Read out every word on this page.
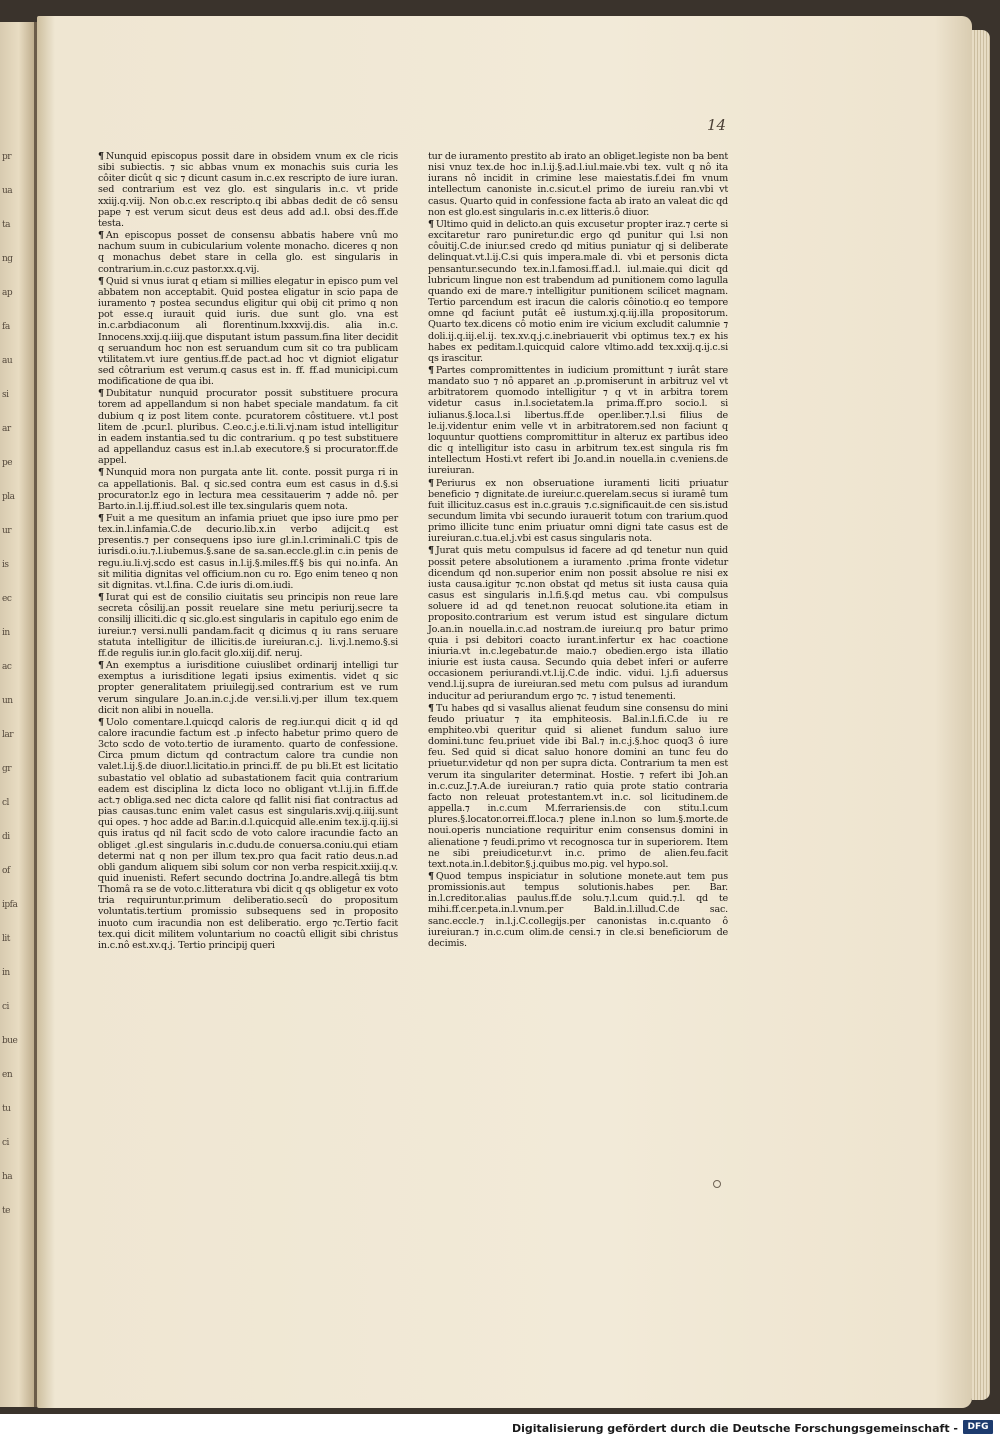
pr
ua
ta
ng
ap
fa
au
si
ar
pe
pla
ur
is
ec
in
ac
un
lar
gr
cl
di
of
ipfa
lit
in
ci
bue
en
tu
ci
ha
te
14

¶ Nunquid episcopus possit dare in obsidem vnum ex cle ricis sibi subiectis. ⁊ sic abbas vnum ex monachis suis curia les côiter dicût q sic ⁊ dicunt casum in.c.ex rescripto de iure iuran. sed contrarium est vez glo. est singularis in.c. vt pride xxiij.q.viij. Non ob.c.ex rescripto.q ibi abbas dedit de cô sensu pape ⁊ est verum sicut deus est deus add ad.l. obsi des.ff.de testa.

¶ An episcopus posset de consensu abbatis habere vnû mo nachum suum in cubicularium volente monacho. diceres q non q monachus debet stare in cella glo. est singularis in contrarium.in.c.cuz pastor.xx.q.vij.

¶ Quid si vnus iurat q etiam si millies elegatur in episco pum vel abbatem non acceptabit. Quid postea eligatur in scio papa de iuramento ⁊ postea secundus eligitur qui obij cit primo q non pot esse.q iurauit quid iuris. due sunt glo. vna est in.c.arbdiaconum ali florentinum.lxxxvij.dis. alia in.c. Innocens.xxij.q.iiij.que disputant istum passum.fina liter decidit q seruandum hoc non est seruandum cum sit co tra publicam vtilitatem.vt iure gentius.ff.de pact.ad hoc vt digniot eligatur sed côtrarium est verum.q casus est in. ff. ff.ad municipi.cum modificatione de qua ibi.

¶ Dubitatur nunquid procurator possit substituere procura torem ad appellandum si non habet speciale mandatum. fa cit dubium q iz post litem conte. pcuratorem côstituere. vt.l post litem de .pcur.l. pluribus. C.eo.c.j.e.ti.li.vj.nam istud intelligitur in eadem instantia.sed tu dic contrarium. q po test substituere ad appellanduz casus est in.l.ab executore.§ si procurator.ff.de appel.

¶ Nunquid mora non purgata ante lit. conte. possit purga ri in ca appellationis. Bal. q sic.sed contra eum est casus in d.§.si procurator.lz ego in lectura mea cessitauerim ⁊ adde nô. per Barto.in.l.ij.ff.iud.sol.est ille tex.singularis quem nota.

¶ Fuit a me quesitum an infamia priuet que ipso iure pmo per tex.in.l.infamia.C.de decurio.lib.x.in verbo adijcit.q est presentis.⁊ per consequens ipso iure gl.in.l.criminali.C tpis de iurisdi.o.iu.⁊.l.iubemus.§.sane de sa.san.eccle.gl.in c.in penis de regu.iu.li.vj.scdo est casus in.l.ij.§.miles.ff.§ bis qui no.infa. An sit militia dignitas vel officium.non cu ro. Ego enim teneo q non sit dignitas. vt.l.fina. C.de iuris di.om.iudi.

¶ Iurat qui est de consilio ciuitatis seu principis non reue lare secreta côsilij.an possit reuelare sine metu periurij.secre ta consilij illiciti.dic q sic.glo.est singularis in capitulo ego enim de iureiur.⁊ versi.nulli pandam.facit q dicimus q iu rans seruare statuta intelligitur de illicitis.de iureiuran.c.j. li.vj.l.nemo.§.si ff.de regulis iur.in glo.facit glo.xiij.dif. neruj.

¶ An exemptus a iurisditione cuiuslibet ordinarij intelligi tur exemptus a iurisditione legati ipsius eximentis. videt q sic propter generalitatem priuilegij.sed contrarium est ve rum verum singulare Jo.an.in.c.j.de ver.si.li.vj.per illum tex.quem dicit non alibi in nouella.

¶ Uolo comentare.l.quicqd caloris de reg.iur.qui dicit q id qd calore iracundie factum est .p infecto habetur primo quero de 3cto scdo de voto.tertio de iuramento. quarto de confessione. Circa pmum dictum qd contractum calore tra cundie non valet.l.ij.§.de diuor.l.licitatio.in princi.ff. de pu bli.Et est licitatio subastatio vel oblatio ad subastationem facit quia contrarium eadem est disciplina lz dicta loco no obligant vt.l.ij.in fi.ff.de act.⁊ obliga.sed nec dicta calore qd fallit nisi fiat contractus ad pias causas.tunc enim valet casus est singularis.xvij.q.iiij.sunt qui opes. ⁊ hoc adde ad Bar.in.d.l.quicquid alle.enim tex.ij.q.iij.si quis iratus qd nil facit scdo de voto calore iracundie facto an obliget .gl.est singularis in.c.dudu.de conuersa.coniu.qui etiam determi nat q non per illum tex.pro qua facit ratio deus.n.ad obli gandum aliquem sibi solum cor non verba respicit.xxiij.q.v. quid inuenisti. Refert secundo doctrina Jo.andre.allegâ tis btm Thomâ ra se de voto.c.litteratura vbi dicit q qs obligetur ex voto tria requiruntur.primum deliberatio.secû do propositum voluntatis.tertium promissio subsequens sed in proposito inuoto cum iracundia non est deliberatio. ergo ⁊c.Tertio facit tex.qui dicit militem voluntarium no coactû elligit sibi christus in.c.nô est.xv.q.j. Tertio principij queri

tur de iuramento prestito ab irato an obliget.legiste non ba bent nisi vnuz tex.de hoc in.l.ij.§.ad.l.iul.maie.vbi tex. vult q nô ita iurans nô incidit in crimine lese maiestatis.f.dei fm vnum intellectum canoniste in.c.sicut.el primo de iureiu ran.vbi vt casus. Quarto quid in confessione facta ab irato an valeat dic qd non est glo.est singularis in.c.ex litteris.ô diuor.

¶ Ultimo quid in delicto.an quis excusetur propter iraz.⁊ certe si excitaretur raro puniretur.dic ergo qd punitur qui l.si non côuitij.C.de iniur.sed credo qd mitius puniatur qj si deliberate delinquat.vt.l.ij.C.si quis impera.male di. vbi et personis dicta pensantur.secundo tex.in.l.famosi.ff.ad.l. iul.maie.qui dicit qd lubricum lingue non est trabendum ad punitionem como lagulla quando exi de mare.⁊ intelligitur punitionem scilicet magnam. Tertio parcendum est iracun die caloris côinotio.q eo tempore omne qd faciunt putât eê iustum.xj.q.iij.illa propositorum. Quarto tex.dicens cô motio enim ire vicium excludit calumnie ⁊ doli.ij.q.iij.el.ij. tex.xv.q.j.c.inebriauerit vbi optimus tex.⁊ ex his habes ex peditam.l.quicquid calore vltimo.add tex.xxij.q.ij.c.si qs irascitur.

¶ Partes compromittentes in iudicium promittunt ⁊ iurât stare mandato suo ⁊ nô apparet an .p.promiserunt in arbitruz vel vt arbitratorem quomodo intelligitur ⁊ q vt in arbitra torem videtur casus in.l.societatem.la prima.ff.pro socio.l. si iulianus.§.loca.l.si libertus.ff.de oper.liber.⁊.l.si filius de le.ij.videntur enim velle vt in arbitratorem.sed non faciunt q loquuntur quottiens compromittitur in alteruz ex partibus ideo dic q intelligitur isto casu in arbitrum tex.est singula ris fm intellectum Hosti.vt refert ibi Jo.and.in nouella.in c.veniens.de iureiuran.

¶ Periurus ex non obseruatione iuramenti liciti priuatur beneficio ⁊ dignitate.de iureiur.c.querelam.secus si iuramê tum fuit illicituz.casus est in.c.grauis ⁊.c.significauit.de cen sis.istud secundum limita vbi secundo iurauerit totum con trarium.quod primo illicite tunc enim priuatur omni digni tate casus est de iureiuran.c.tua.el.j.vbi est casus singularis nota.

¶ Jurat quis metu compulsus id facere ad qd tenetur nun quid possit petere absolutionem a iuramento .prima fronte videtur dicendum qd non.superior enim non possit absolue re nisi ex iusta causa.igitur ⁊c.non obstat qd metus sit iusta causa quia casus est singularis in.l.fi.§.qd metus cau. vbi compulsus soluere id ad qd tenet.non reuocat solutione.ita etiam in proposito.contrarium est verum istud est singulare dictum Jo.an.in nouella.in.c.ad nostram.de iureiur.q pro batur primo quia i psi debitori coacto iurant.infertur ex hac coactione iniuria.vt in.c.legebatur.de maio.⁊ obedien.ergo ista illatio iniurie est iusta causa. Secundo quia debet inferi or auferre occasionem periurandi.vt.l.ij.C.de indic. vidui. l.j.fi aduersus vend.l.ij.supra de iureiuran.sed metu com pulsus ad iurandum inducitur ad periurandum ergo ⁊c. ⁊ istud tenementi.

¶ Tu habes qd si vasallus alienat feudum sine consensu do mini feudo priuatur ⁊ ita emphiteosis. Bal.in.l.fi.C.de iu re emphiteo.vbi queritur quid si alienet fundum saluo iure domini.tunc feu.priuet vide ibi Bal.⁊ in.c.j.§.hoc quoq3 ô iure feu. Sed quid si dicat saluo honore domini an tunc feu do priuetur.videtur qd non per supra dicta. Contrarium ta men est verum ita singulariter determinat. Hostie. ⁊ refert ibi Joh.an in.c.cuz.J.⁊.A.de iureiuran.⁊ ratio quia prote statio contraria facto non releuat protestantem.vt in.c. sol licitudinem.de appella.⁊ in.c.cum M.ferrariensis.de con stitu.l.cum plures.§.locator.orrei.ff.loca.⁊ plene in.l.non so lum.§.morte.de noui.operis nunciatione requiritur enim consensus domini in alienatione ⁊ feudi.primo vt recognosca tur in superiorem. Item ne sibi preiudicetur.vt in.c. primo de alien.feu.facit text.nota.in.l.debitor.§.j.quibus mo.pig. vel hypo.sol.

¶ Quod tempus inspiciatur in solutione monete.aut tem pus promissionis.aut tempus solutionis.habes per. Bar. in.l.creditor.alias paulus.ff.de solu.⁊.l.cum quid.⁊.l. qd te mihi.ff.cer.peta.in.l.vnum.per Bald.in.l.illud.C.de sac. sanc.eccle.⁊ in.l.j.C.collegijs.per canonistas in.c.quanto ô iureiuran.⁊ in.c.cum olim.de censi.⁊ in cle.si beneficiorum de decimis.

Digitalisierung gefördert durch die Deutsche Forschungsgemeinschaft -	DFG
